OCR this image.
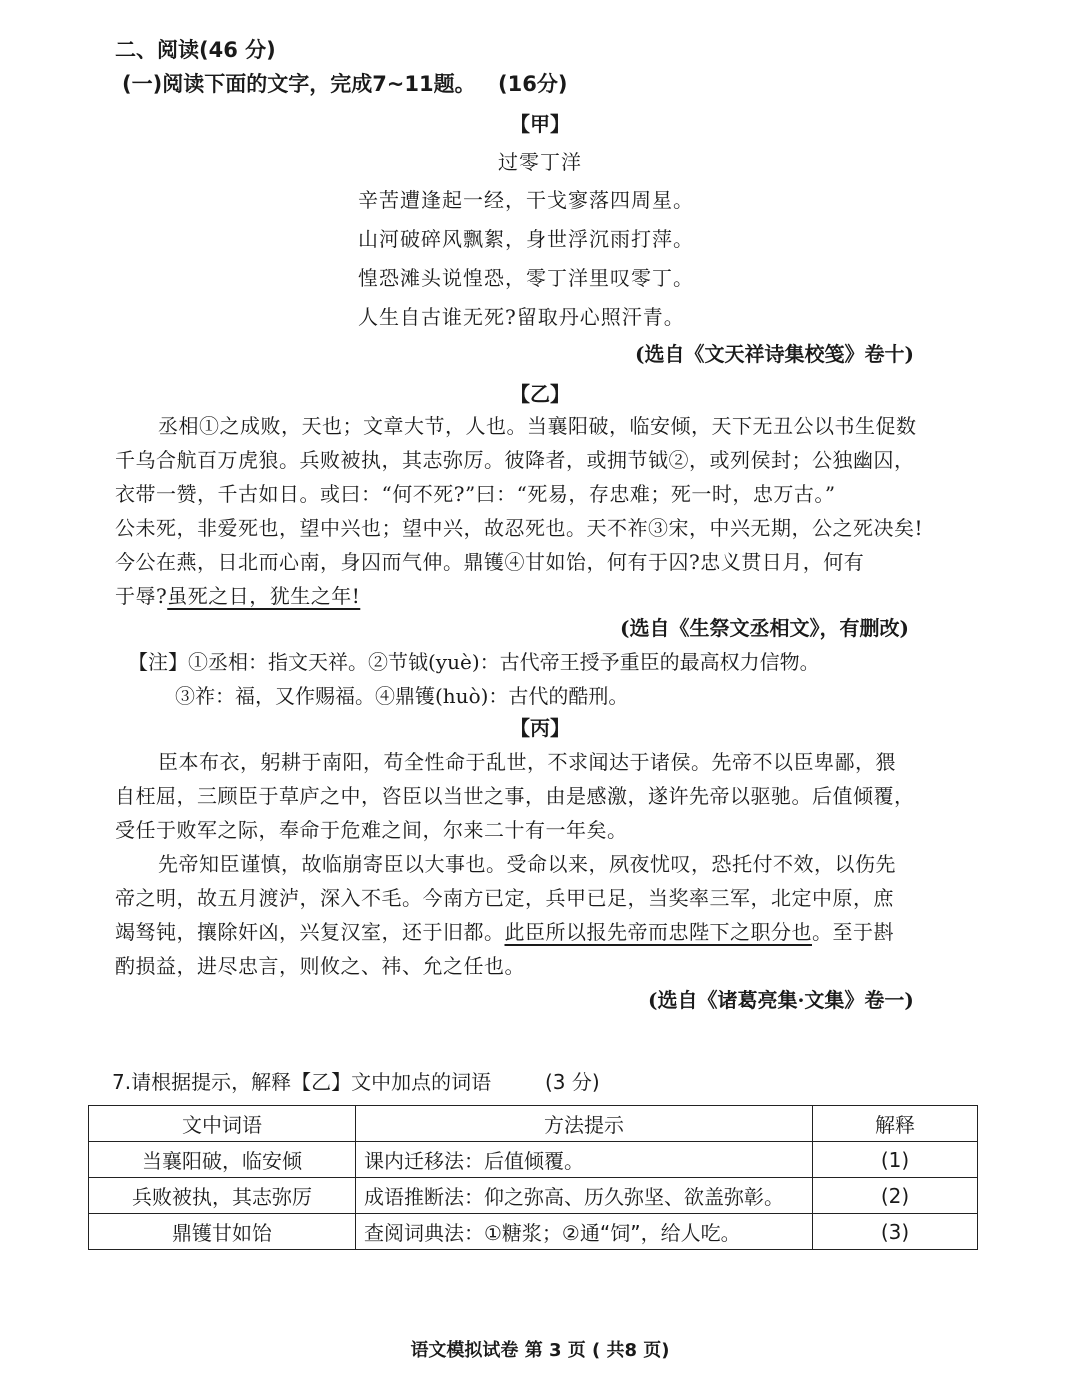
二、阅读(46 分)
(一)阅读下面的文字，完成7~11题。 (16分)
【甲】
过零丁洋
辛苦遭逢起一经，干戈寥落四周星。
山河破碎风飘絮，身世浮沉雨打萍。
惶恐滩头说惶恐，零丁洋里叹零丁。
人生自古谁无死?留取丹心照汗青。
(选自《文天祥诗集校笺》卷十)
【乙】
丞相①之成败，天也；文章大节，人也。当襄阳破，临安倾，天下无丑公以书生促数
千乌合航百万虎狼。兵败被执，其志弥厉。彼降者，或拥节钺②，或列侯封；公独幽囚，
衣带一赞，千古如日。或曰：“何不死?”曰：“死易，存忠难；死一时，忠万古。”
公未死，非爱死也，望中兴也；望中兴，故忍死也。天不祚③宋，中兴无期，公之死决矣!
今公在燕，日北而心南，身囚而气伸。鼎镬④甘如饴，何有于囚?忠义贯日月，何有
于辱?虽死之日，犹生之年!
(选自《生祭文丞相文》，有删改)
【注】①丞相：指文天祥。②节钺(yuè)：古代帝王授予重臣的最高权力信物。
③祚：福，又作赐福。④鼎镬(huò)：古代的酷刑。
【丙】
臣本布衣，躬耕于南阳，苟全性命于乱世，不求闻达于诸侯。先帝不以臣卑鄙，猥
自枉屈，三顾臣于草庐之中，咨臣以当世之事，由是感激，遂许先帝以驱驰。后值倾覆，
受任于败军之际，奉命于危难之间，尔来二十有一年矣。
先帝知臣谨慎，故临崩寄臣以大事也。受命以来，夙夜忧叹，恐托付不效，以伤先
帝之明，故五月渡泸，深入不毛。今南方已定，兵甲已足，当奖率三军，北定中原，庶
竭驽钝，攘除奸凶，兴复汉室，还于旧都。此臣所以报先帝而忠陛下之职分也。至于斟
酌损益，进尽忠言，则攸之、祎、允之任也。
(选自《诸葛亮集·文集》卷一)
7.请根据提示，解释【乙】文中加点的词语	(3 分)
文中词语	方法提示	解释
当襄阳破，临安倾	课内迁移法：后值倾覆。	(1)
兵败被执，其志弥厉	成语推断法：仰之弥高、历久弥坚、欲盖弥彰。	(2)
鼎镬甘如饴	查阅词典法：①糖浆；②通“饲”，给人吃。	(3)
语文模拟试卷 第 3 页 ( 共8 页)
